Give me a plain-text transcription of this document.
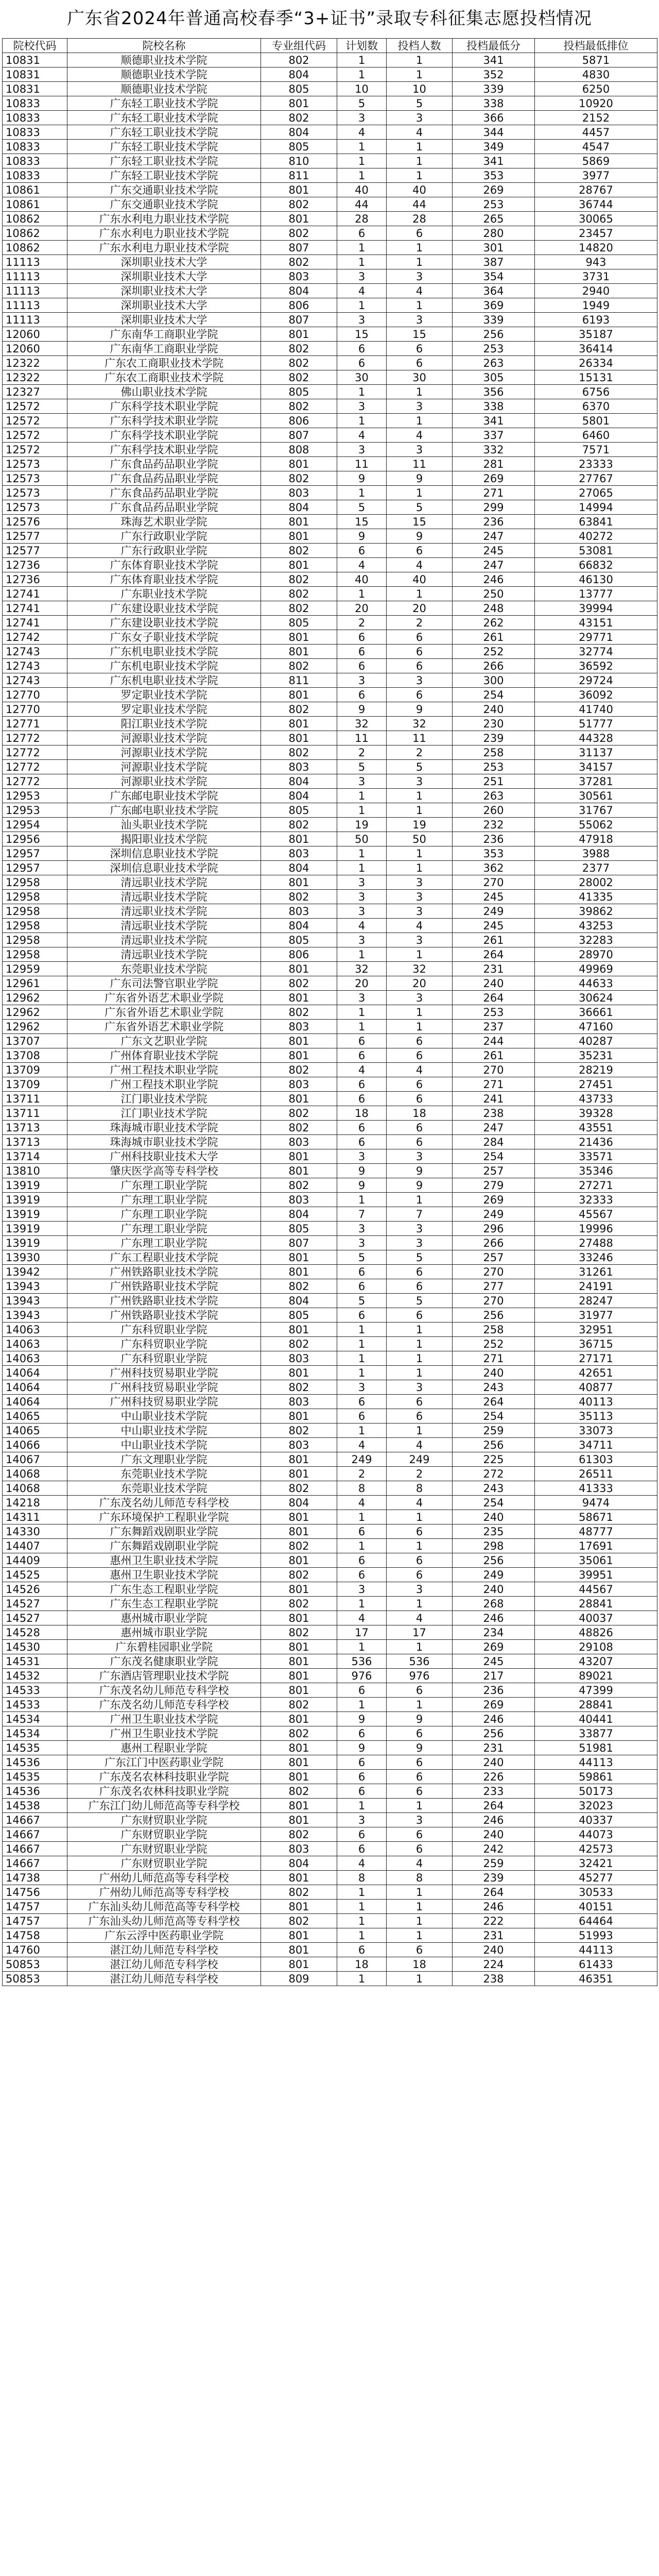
广东省2024年普通高校春季“3+证书”录取专科征集志愿投档情况
院校代码	院校名称	专业组代码	计划数	投档人数	投档最低分	投档最低排位
10831	顺德职业技术学院	802	1	1	341	5871
10831	顺德职业技术学院	804	1	1	352	4830
10831	顺德职业技术学院	805	10	10	339	6250
10833	广东轻工职业技术学院	801	5	5	338	10920
10833	广东轻工职业技术学院	802	3	3	366	2152
10833	广东轻工职业技术学院	804	4	4	344	4457
10833	广东轻工职业技术学院	805	1	1	349	4547
10833	广东轻工职业技术学院	810	1	1	341	5869
10833	广东轻工职业技术学院	811	1	1	353	3977
10861	广东交通职业技术学院	801	40	40	269	28767
10861	广东交通职业技术学院	802	44	44	253	36744
10862	广东水利电力职业技术学院	801	28	28	265	30065
10862	广东水利电力职业技术学院	802	6	6	280	23457
10862	广东水利电力职业技术学院	807	1	1	301	14820
11113	深圳职业技术大学	802	1	1	387	943
11113	深圳职业技术大学	803	3	3	354	3731
11113	深圳职业技术大学	804	4	4	364	2940
11113	深圳职业技术大学	806	1	1	369	1949
11113	深圳职业技术大学	807	3	3	339	6193
12060	广东南华工商职业学院	801	15	15	256	35187
12060	广东南华工商职业学院	802	6	6	253	36414
12322	广东农工商职业技术学院	802	6	6	263	26334
12322	广东农工商职业技术学院	802	30	30	305	15131
12327	佛山职业技术学院	805	1	1	356	6756
12572	广东科学技术职业学院	802	3	3	338	6370
12572	广东科学技术职业学院	806	1	1	341	5801
12572	广东科学技术职业学院	807	4	4	337	6460
12572	广东科学技术职业学院	808	3	3	332	7571
12573	广东食品药品职业学院	801	11	11	281	23333
12573	广东食品药品职业学院	802	9	9	269	27767
12573	广东食品药品职业学院	803	1	1	271	27065
12573	广东食品药品职业学院	804	5	5	299	14994
12576	珠海艺术职业学院	801	15	15	236	63841
12577	广东行政职业学院	801	9	9	247	40272
12577	广东行政职业学院	802	6	6	245	53081
12736	广东体育职业技术学院	801	4	4	247	66832
12736	广东体育职业技术学院	802	40	40	246	46130
12741	广东职业技术学院	802	1	1	250	13777
12741	广东建设职业技术学院	802	20	20	248	39994
12741	广东建设职业技术学院	805	2	2	262	43151
12742	广东女子职业技术学院	801	6	6	261	29771
12743	广东机电职业技术学院	801	6	6	252	32774
12743	广东机电职业技术学院	802	6	6	266	36592
12743	广东机电职业技术学院	811	3	3	300	29724
12770	罗定职业技术学院	801	6	6	254	36092
12770	罗定职业技术学院	802	9	9	240	41740
12771	阳江职业技术学院	801	32	32	230	51777
12772	河源职业技术学院	801	11	11	239	44328
12772	河源职业技术学院	802	2	2	258	31137
12772	河源职业技术学院	803	5	5	253	34157
12772	河源职业技术学院	804	3	3	251	37281
12953	广东邮电职业技术学院	804	1	1	263	30561
12953	广东邮电职业技术学院	805	1	1	260	31767
12954	汕头职业技术学院	802	19	19	232	55062
12956	揭阳职业技术学院	801	50	50	236	47918
12957	深圳信息职业技术学院	803	1	1	353	3988
12957	深圳信息职业技术学院	804	1	1	362	2377
12958	清远职业技术学院	801	3	3	270	28002
12958	清远职业技术学院	802	3	3	245	41335
12958	清远职业技术学院	803	3	3	249	39862
12958	清远职业技术学院	804	4	4	245	43253
12958	清远职业技术学院	805	3	3	261	32283
12958	清远职业技术学院	806	1	1	264	28970
12959	东莞职业技术学院	801	32	32	231	49969
12961	广东司法警官职业学院	802	20	20	240	44633
12962	广东省外语艺术职业学院	801	3	3	264	30624
12962	广东省外语艺术职业学院	802	1	1	253	36661
12962	广东省外语艺术职业学院	803	1	1	237	47160
13707	广东文艺职业学院	801	6	6	244	40287
13708	广州体育职业技术学院	801	6	6	261	35231
13709	广州工程技术职业学院	802	4	4	270	28219
13709	广州工程技术职业学院	803	6	6	271	27451
13711	江门职业技术学院	801	6	6	241	43733
13711	江门职业技术学院	802	18	18	238	39328
13713	珠海城市职业技术学院	802	6	6	247	43551
13713	珠海城市职业技术学院	803	6	6	284	21436
13714	广州科技职业技术大学	801	3	3	254	33571
13810	肇庆医学高等专科学校	801	9	9	257	35346
13919	广东理工职业学院	802	9	9	279	27271
13919	广东理工职业学院	803	1	1	269	32333
13919	广东理工职业学院	804	7	7	249	45567
13919	广东理工职业学院	805	3	3	296	19996
13919	广东理工职业学院	807	3	3	266	27488
13930	广东工程职业技术学院	801	5	5	257	33246
13942	广州铁路职业技术学院	801	6	6	270	31261
13943	广州铁路职业技术学院	802	6	6	277	24191
13943	广州铁路职业技术学院	804	5	5	270	28247
13943	广州铁路职业技术学院	805	6	6	256	31977
14063	广东科贸职业学院	801	1	1	258	32951
14063	广东科贸职业学院	802	1	1	252	36715
14063	广东科贸职业学院	803	1	1	271	27171
14064	广州科技贸易职业学院	801	1	1	240	42651
14064	广州科技贸易职业学院	802	3	3	243	40877
14064	广州科技贸易职业学院	803	6	6	264	40113
14065	中山职业技术学院	801	6	6	254	35113
14065	中山职业技术学院	802	1	1	259	33073
14066	中山职业技术学院	803	4	4	256	34711
14067	广东文理职业学院	801	249	249	225	61303
14068	东莞职业技术学院	801	2	2	272	26511
14068	东莞职业技术学院	802	8	8	243	41333
14218	广东茂名幼儿师范专科学校	804	4	4	254	9474
14311	广东环境保护工程职业学院	801	1	1	240	58671
14330	广东舞蹈戏剧职业学院	801	6	6	235	48777
14407	广东舞蹈戏剧职业学院	802	1	1	298	17691
14409	惠州卫生职业技术学院	801	6	6	256	35061
14525	惠州卫生职业技术学院	802	6	6	249	39951
14526	广东生态工程职业学院	801	3	3	240	44567
14527	广东生态工程职业学院	802	1	1	268	28841
14527	惠州城市职业学院	801	4	4	246	40037
14528	惠州城市职业学院	802	17	17	234	48826
14530	广东碧桂园职业学院	801	1	1	269	29108
14531	广东茂名健康职业学院	801	536	536	245	43207
14532	广东酒店管理职业技术学院	801	976	976	217	89021
14533	广东茂名幼儿师范专科学校	801	6	6	236	47399
14533	广东茂名幼儿师范专科学校	802	1	1	269	28841
14534	广州卫生职业技术学院	801	9	9	246	40441
14534	广州卫生职业技术学院	802	6	6	256	33877
14535	惠州工程职业学院	801	9	9	231	51981
14536	广东江门中医药职业学院	801	6	6	240	44113
14535	广东茂名农林科技职业学院	801	6	6	226	59861
14536	广东茂名农林科技职业学院	802	6	6	233	50173
14538	广东江门幼儿师范高等专科学校	801	1	1	264	32023
14667	广东财贸职业学院	801	3	3	246	40337
14667	广东财贸职业学院	802	6	6	240	44073
14667	广东财贸职业学院	803	6	6	242	42573
14667	广东财贸职业学院	804	4	4	259	32421
14738	广州幼儿师范高等专科学校	801	8	8	239	45277
14756	广州幼儿师范高等专科学校	802	1	1	264	30533
14757	广东汕头幼儿师范高等专科学校	801	1	1	246	40151
14757	广东汕头幼儿师范高等专科学校	802	1	1	222	64464
14758	广东云浮中医药职业学院	801	1	1	231	51993
14760	湛江幼儿师范专科学校	801	6	6	240	44113
50853	湛江幼儿师范专科学校	801	18	18	224	61433
50853	湛江幼儿师范专科学校	809	1	1	238	46351
